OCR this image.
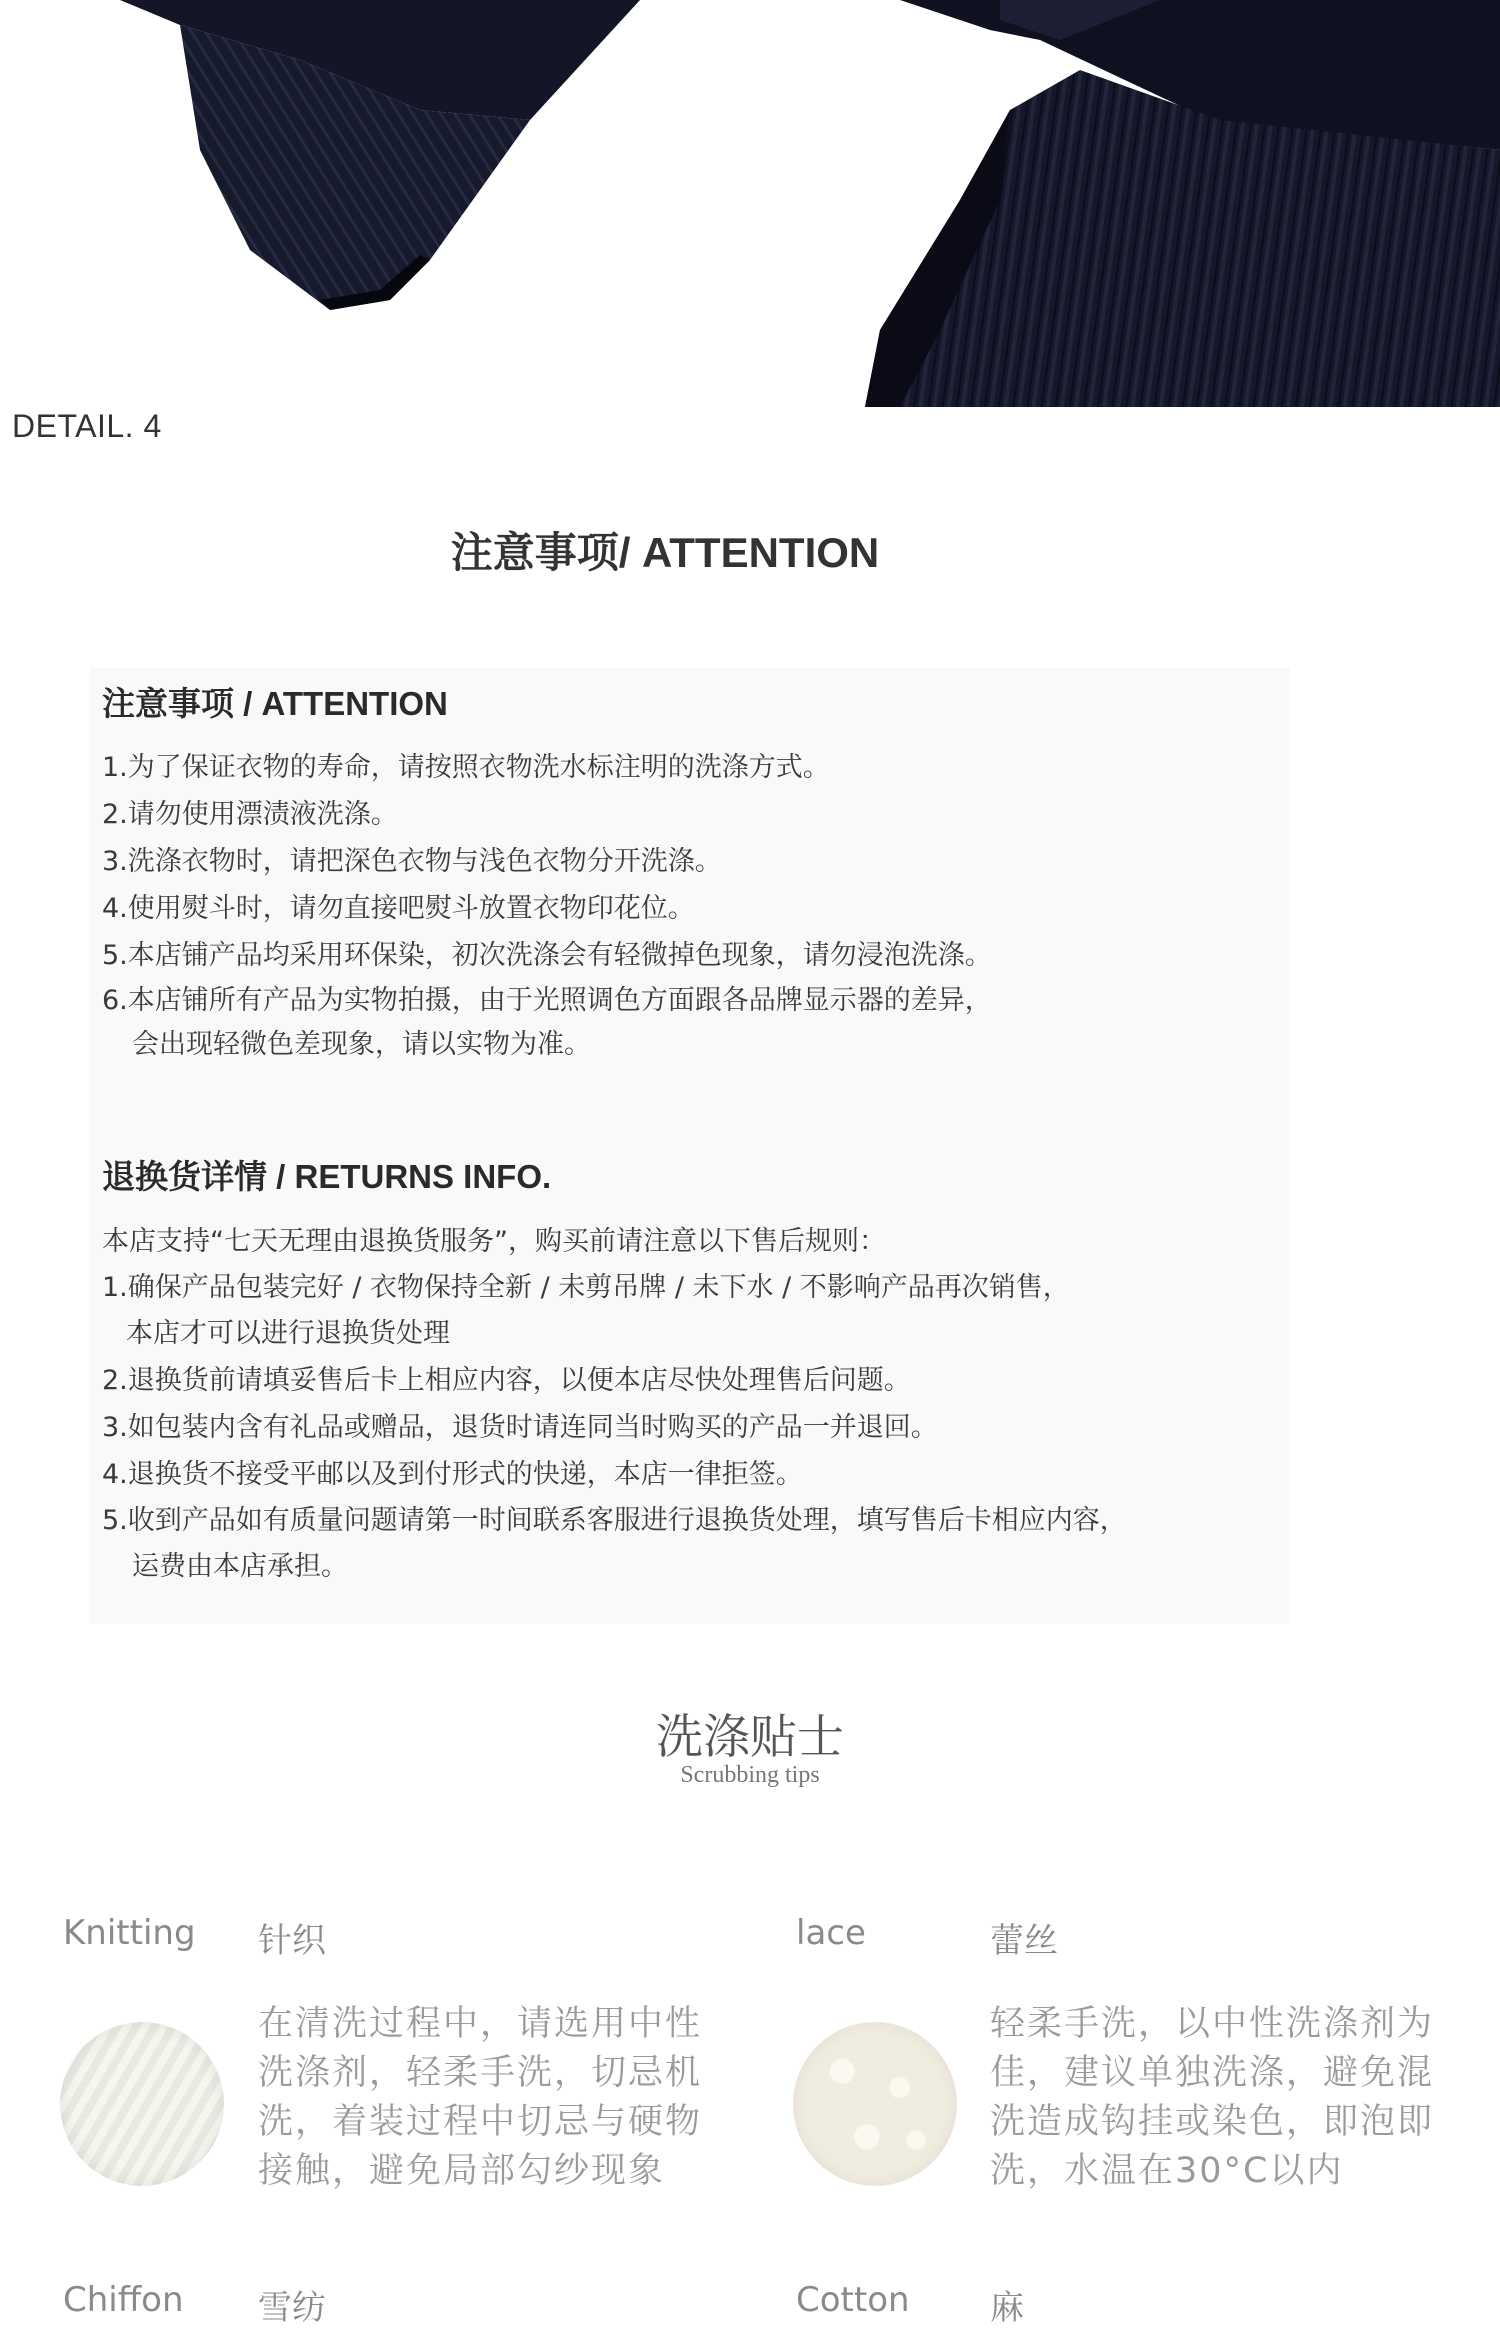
DETAIL. 4
注意事项/ ATTENTION
注意事项 / ATTENTION
1.为了保证衣物的寿命，请按照衣物洗水标注明的洗涤方式。
2.请勿使用漂渍液洗涤。
3.洗涤衣物时，请把深色衣物与浅色衣物分开洗涤。
4.使用熨斗时，请勿直接吧熨斗放置衣物印花位。
5.本店铺产品均采用环保染，初次洗涤会有轻微掉色现象，请勿浸泡洗涤。
6.本店铺所有产品为实物拍摄，由于光照调色方面跟各品牌显示器的差异，
会出现轻微色差现象，请以实物为准。
退换货详情 / RETURNS INFO.
本店支持“七天无理由退换货服务”，购买前请注意以下售后规则：
1.确保产品包装完好 / 衣物保持全新 / 未剪吊牌 / 未下水 / 不影响产品再次销售，
本店才可以进行退换货处理
2.退换货前请填妥售后卡上相应内容，以便本店尽快处理售后问题。
3.如包装内含有礼品或赠品，退货时请连同当时购买的产品一并退回。
4.退换货不接受平邮以及到付形式的快递，本店一律拒签。
5.收到产品如有质量问题请第一时间联系客服进行退换货处理，填写售后卡相应内容，
运费由本店承担。
洗涤贴士
Scrubbing tips
Knitting 针织
在清洗过程中，请选用中性洗涤剂，轻柔手洗，切忌机洗，着装过程中切忌与硬物接触，避免局部勾纱现象
lace	蕾丝
轻柔手洗，以中性洗涤剂为佳，建议单独洗涤，避免混洗造成钩挂或染色，即泡即洗，水温在30°C以内
Chiffon 雪纺	Cotton 麻
